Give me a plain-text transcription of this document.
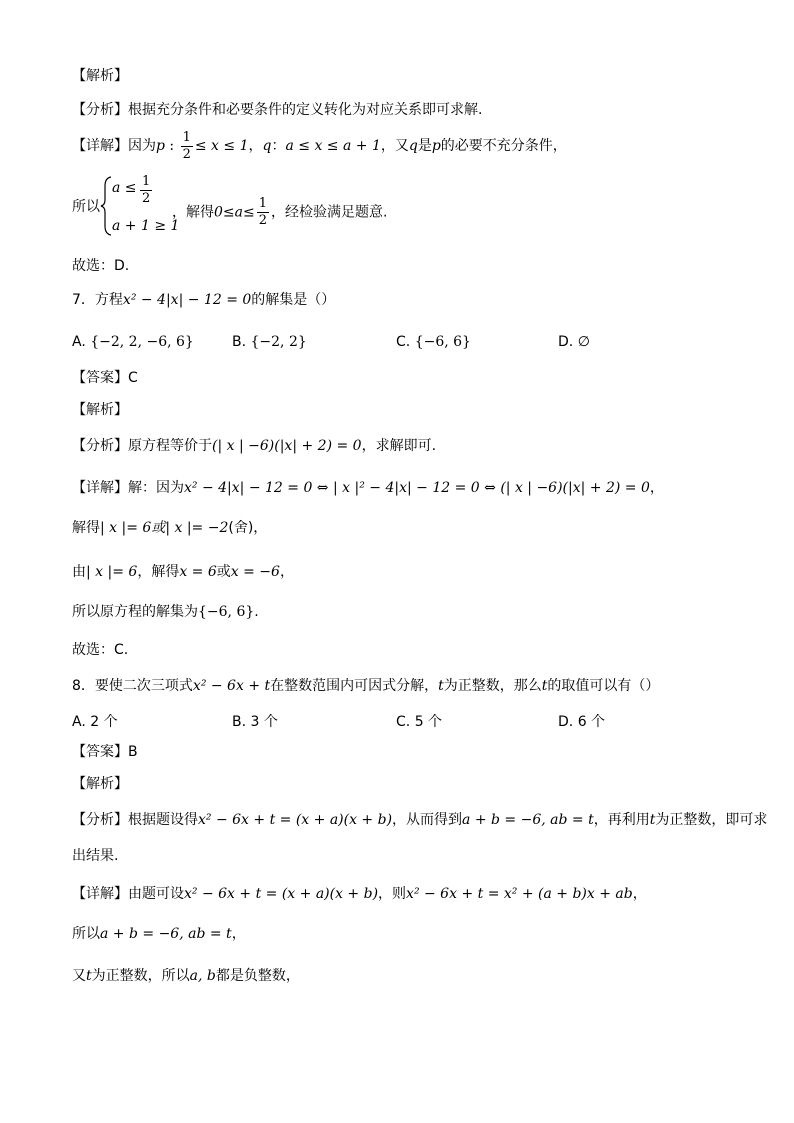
【解析】
【分析】根据充分条件和必要条件的定义转化为对应关系即可求解.
【详解】因为p : $\frac{1}{2} \le x \le 1$，q：a ≤ x ≤ a + 1，又q是p的必要不充分条件，
所以
$a \le \frac{1}{2}$
a + 1 ≥ 1
，解得$0\le a\le \frac{1}{2}$ ，经检验满足题意.
故选：D.
7．方程x² − 4|x| − 12 = 0的解集是（）
A. {−2, 2, −6, 6}	B. {−2, 2}	C. {−6, 6}	D. ∅
【答案】C
【解析】
【分析】原方程等价于(| x | −6)(|x| + 2) = 0，求解即可.
【详解】解：因为x² − 4|x| − 12 = 0 ⇔ | x |² − 4|x| − 12 = 0 ⇔ (| x | −6)(|x| + 2) = 0，
解得| x |= 6或| x |= −2(舍)，
由| x |= 6，解得x = 6或x = −6，
所以原方程的解集为{−6, 6}.
故选：C.
8．要使二次三项式x² − 6x + t在整数范围内可因式分解，t为正整数，那么t的取值可以有（）
A. 2 个	B. 3 个	C. 5 个	D. 6 个
【答案】B
【解析】
【分析】根据题设得x² − 6x + t = (x + a)(x + b)，从而得到a + b = −6, ab = t，再利用t为正整数，即可求
出结果.
【详解】由题可设x² − 6x + t = (x + a)(x + b)，则x² − 6x + t = x² + (a + b)x + ab，
所以a + b = −6, ab = t，
又t为正整数，所以a, b都是负整数，
